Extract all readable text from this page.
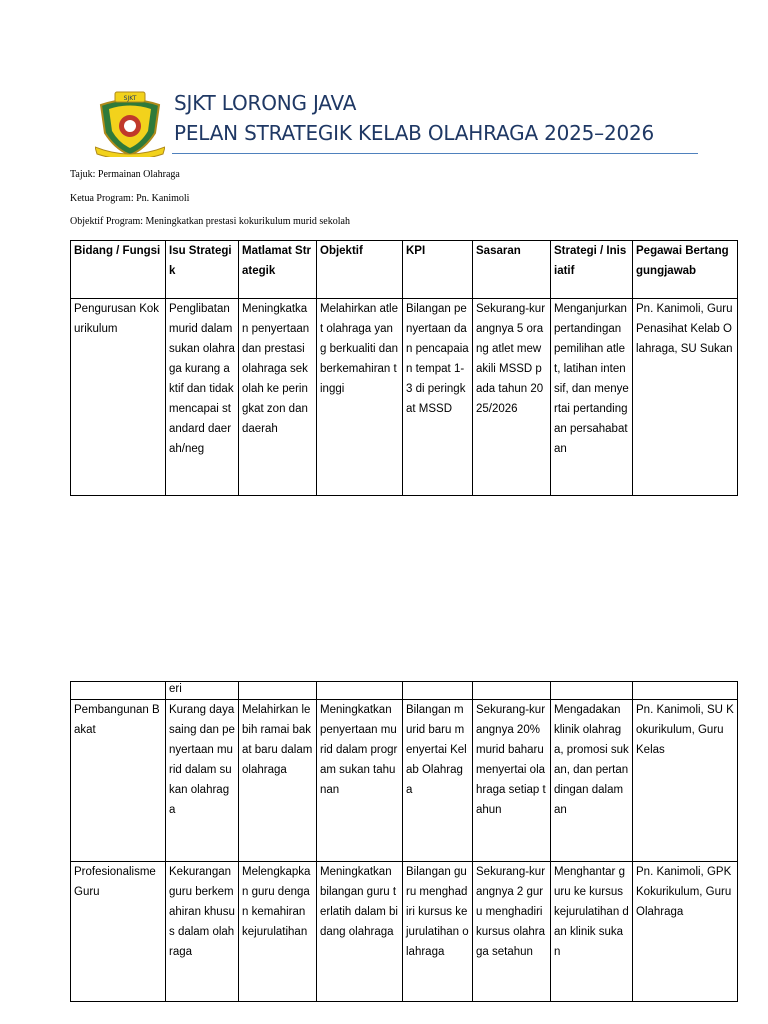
SJKT SJKT LORONG JAVA
PELAN STRATEGIK KELAB OLAHRAGA 2025–2026
Tajuk: Permainan Olahraga
Ketua Program: Pn. Kanimoli
Objektif Program: Meningkatkan prestasi kokurikulum murid sekolah
Bidang / Fungsi	Isu Strategik	Matlamat Strategik	Objektif	KPI	Sasaran	Strategi / Inisiatif	Pegawai Bertanggungjawab
Pengurusan Kokurikulum	Penglibatan murid dalam sukan olahraga kurang aktif dan tidak mencapai standard daerah/neg	Meningkatkan penyertaan dan prestasi olahraga sekolah ke peringkat zon dan daerah	Melahirkan atlet olahraga yang berkualiti dan berkemahiran tinggi	Bilangan penyertaan dan pencapaian tempat 1-3 di peringkat MSSD	Sekurang-kurangnya 5 orang atlet mewakili MSSD pada tahun 2025/2026	Menganjurkan pertandingan pemilihan atlet, latihan intensif, dan menyertai pertandingan persahabatan	Pn. Kanimoli, Guru Penasihat Kelab Olahraga, SU Sukan
	eri						
Pembangunan Bakat	Kurang daya saing dan penyertaan murid dalam sukan olahraga	Melahirkan lebih ramai bakat baru dalam olahraga	Meningkatkan penyertaan murid dalam program sukan tahunan	Bilangan murid baru menyertai Kelab Olahraga	Sekurang-kurangnya 20% murid baharu menyertai olahraga setiap tahun	Mengadakan klinik olahraga, promosi sukan, dan pertandingan dalaman	Pn. Kanimoli, SU Kokurikulum, Guru Kelas
Profesionalisme Guru	Kekurangan guru berkemahiran khusus dalam olahraga	Melengkapkan guru dengan kemahiran kejurulatihan	Meningkatkan bilangan guru terlatih dalam bidang olahraga	Bilangan guru menghadiri kursus kejurulatihan olahraga	Sekurang-kurangnya 2 guru menghadiri kursus olahraga setahun	Menghantar guru ke kursus kejurulatihan dan klinik sukan	Pn. Kanimoli, GPK Kokurikulum, Guru Olahraga
